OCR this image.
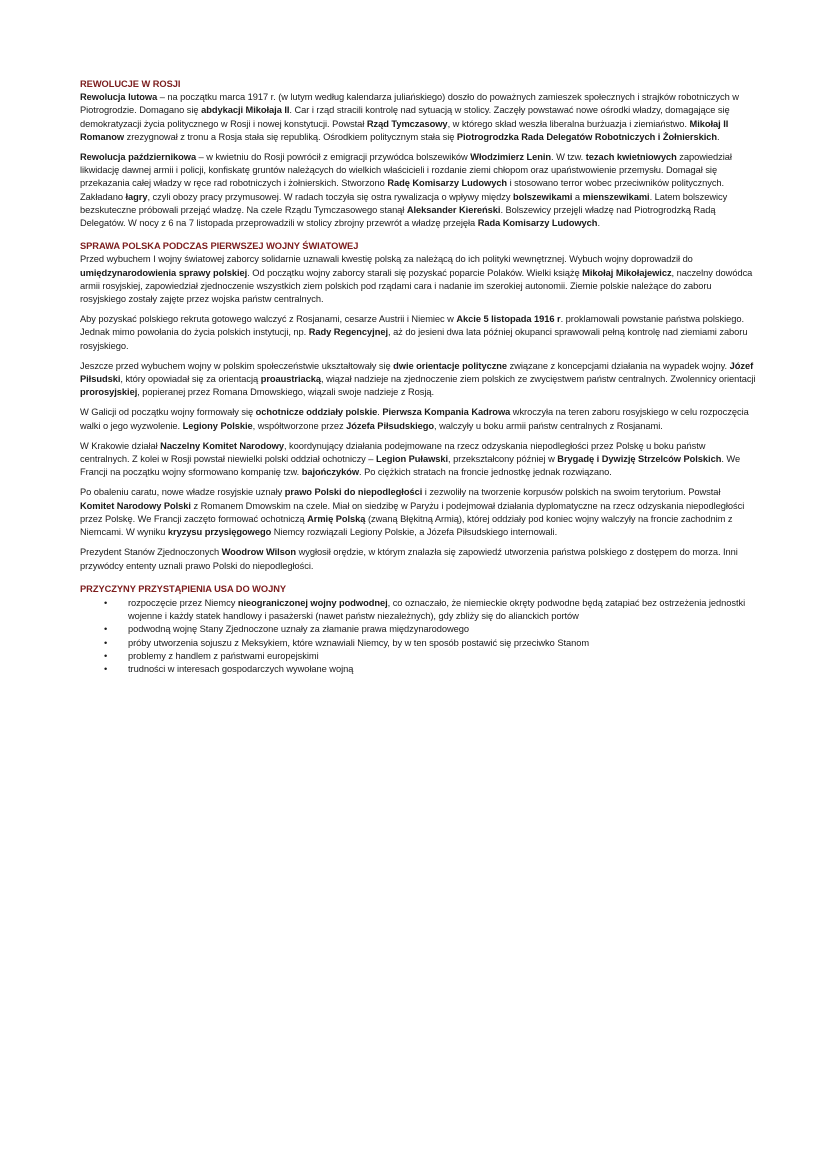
REWOLUCJE W ROSJI

Rewolucja lutowa – na początku marca 1917 r. (w lutym według kalendarza juliańskiego) doszło do poważnych zamieszek społecznych i strajków robotniczych w Piotrogrodzie. Domagano się abdykacji Mikołaja II. Car i rząd stracili kontrolę nad sytuacją w stolicy. Zaczęły powstawać nowe ośrodki władzy, domagające się demokratyzacji życia politycznego w Rosji i nowej konstytucji. Powstał Rząd Tymczasowy, w którego skład weszła liberalna burżuazja i ziemiaństwo. Mikołaj II Romanow zrezygnował z tronu a Rosja stała się republiką. Ośrodkiem politycznym stała się Piotrogrodzka Rada Delegatów Robotniczych i Żołnierskich.

Rewolucja październikowa – w kwietniu do Rosji powrócił z emigracji przywódca bolszewików Włodzimierz Lenin. W tzw. tezach kwietniowych zapowiedział likwidację dawnej armii i policji, konfiskatę gruntów należących do wielkich właścicieli i rozdanie ziemi chłopom oraz upaństwowienie przemysłu. Domagał się przekazania całej władzy w ręce rad robotniczych i żołnierskich. Stworzono Radę Komisarzy Ludowych i stosowano terror wobec przeciwników politycznych. Zakładano łagry, czyli obozy pracy przymusowej. W radach toczyła się ostra rywalizacja o wpływy między bolszewikami a mienszewikami. Latem bolszewicy bezskuteczne próbowali przejąć władzę. Na czele Rządu Tymczasowego stanął Aleksander Kiereński. Bolszewicy przejęli władzę nad Piotrogrodzką Radą Delegatów. W nocy z 6 na 7 listopada przeprowadzili w stolicy zbrojny przewrót a władzę przejęła Rada Komisarzy Ludowych.

SPRAWA POLSKA PODCZAS PIERWSZEJ WOJNY ŚWIATOWEJ

Przed wybuchem I wojny światowej zaborcy solidarnie uznawali kwestię polską za należącą do ich polityki wewnętrznej. Wybuch wojny doprowadził do umiędzynarodowienia sprawy polskiej. Od początku wojny zaborcy starali się pozyskać poparcie Polaków. Wielki książę Mikołaj Mikołajewicz, naczelny dowódca armii rosyjskiej, zapowiedział zjednoczenie wszystkich ziem polskich pod rządami cara i nadanie im szerokiej autonomii. Ziemie polskie należące do zaboru rosyjskiego zostały zajęte przez wojska państw centralnych.

Aby pozyskać polskiego rekruta gotowego walczyć z Rosjanami, cesarze Austrii i Niemiec w Akcie 5 listopada 1916 r. proklamowali powstanie państwa polskiego. Jednak mimo powołania do życia polskich instytucji, np. Rady Regencyjnej, aż do jesieni dwa lata później okupanci sprawowali pełną kontrolę nad ziemiami zaboru rosyjskiego.

Jeszcze przed wybuchem wojny w polskim społeczeństwie ukształtowały się dwie orientacje polityczne związane z koncepcjami działania na wypadek wojny. Józef Piłsudski, który opowiadał się za orientacją proaustriacką, wiązał nadzieje na zjednoczenie ziem polskich ze zwycięstwem państw centralnych. Zwolennicy orientacji prorosyjskiej, popieranej przez Romana Dmowskiego, wiązali swoje nadzieje z Rosją.

W Galicji od początku wojny formowały się ochotnicze oddziały polskie. Pierwsza Kompania Kadrowa wkroczyła na teren zaboru rosyjskiego w celu rozpoczęcia walki o jego wyzwolenie. Legiony Polskie, współtworzone przez Józefa Piłsudskiego, walczyły u boku armii państw centralnych z Rosjanami.

W Krakowie działał Naczelny Komitet Narodowy, koordynujący działania podejmowane na rzecz odzyskania niepodległości przez Polskę u boku państw centralnych. Z kolei w Rosji powstał niewielki polski oddział ochotniczy – Legion Puławski, przekształcony później w Brygadę i Dywizję Strzelców Polskich. We Francji na początku wojny sformowano kompanię tzw. bajończyków. Po ciężkich stratach na froncie jednostkę jednak rozwiązano.

Po obaleniu caratu, nowe władze rosyjskie uznały prawo Polski do niepodległości i zezwoliły na tworzenie korpusów polskich na swoim terytorium. Powstał Komitet Narodowy Polski z Romanem Dmowskim na czele. Miał on siedzibę w Paryżu i podejmował działania dyplomatyczne na rzecz odzyskania niepodległości przez Polskę. We Francji zaczęto formować ochotniczą Armię Polską (zwaną Błękitną Armią), której oddziały pod koniec wojny walczyły na froncie zachodnim z Niemcami. W wyniku kryzysu przysięgowego Niemcy rozwiązali Legiony Polskie, a Józefa Piłsudskiego internowali.

Prezydent Stanów Zjednoczonych Woodrow Wilson wygłosił orędzie, w którym znalazła się zapowiedź utworzenia państwa polskiego z dostępem do morza. Inni przywódcy ententy uznali prawo Polski do niepodległości.

PRZYCZYNY PRZYSTĄPIENIA USA DO WOJNY
• rozpoczęcie przez Niemcy nieograniczonej wojny podwodnej, co oznaczało, że niemieckie okręty podwodne będą zatapiać bez ostrzeżenia jednostki wojenne i każdy statek handlowy i pasażerski (nawet państw niezależnych), gdy zbliży się do alianckich portów
• podwodną wojnę Stany Zjednoczone uznały za złamanie prawa międzynarodowego
• próby utworzenia sojuszu z Meksykiem, które wznawiali Niemcy, by w ten sposób postawić się przeciwko Stanom
• problemy z handlem z państwami europejskimi
• trudności w interesach gospodarczych wywołane wojną
